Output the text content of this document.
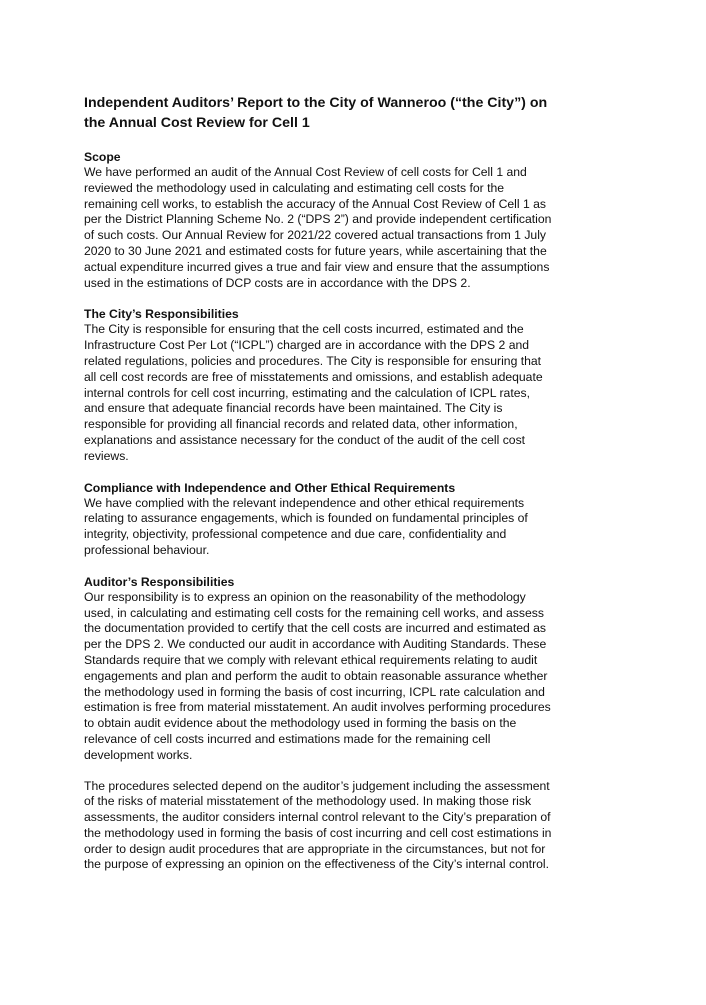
Independent Auditors’ Report to the City of Wanneroo (“the City”) on the Annual Cost Review for Cell 1
Scope

We have performed an audit of the Annual Cost Review of cell costs for Cell 1 and reviewed the methodology used in calculating and estimating cell costs for the remaining cell works, to establish the accuracy of the Annual Cost Review of Cell 1 as per the District Planning Scheme No. 2 (“DPS 2”) and provide independent certification of such costs. Our Annual Review for 2021/22 covered actual transactions from 1 July 2020 to 30 June 2021 and estimated costs for future years, while ascertaining that the actual expenditure incurred gives a true and fair view and ensure that the assumptions used in the estimations of DCP costs are in accordance with the DPS 2.

The City’s Responsibilities

The City is responsible for ensuring that the cell costs incurred, estimated and the Infrastructure Cost Per Lot (“ICPL”) charged are in accordance with the DPS 2 and related regulations, policies and procedures. The City is responsible for ensuring that all cell cost records are free of misstatements and omissions, and establish adequate internal controls for cell cost incurring, estimating and the calculation of ICPL rates, and ensure that adequate financial records have been maintained. The City is responsible for providing all financial records and related data, other information, explanations and assistance necessary for the conduct of the audit of the cell cost reviews.

Compliance with Independence and Other Ethical Requirements

We have complied with the relevant independence and other ethical requirements relating to assurance engagements, which is founded on fundamental principles of integrity, objectivity, professional competence and due care, confidentiality and professional behaviour.

Auditor’s Responsibilities

Our responsibility is to express an opinion on the reasonability of the methodology used, in calculating and estimating cell costs for the remaining cell works, and assess the documentation provided to certify that the cell costs are incurred and estimated as per the DPS 2. We conducted our audit in accordance with Auditing Standards. These Standards require that we comply with relevant ethical requirements relating to audit engagements and plan and perform the audit to obtain reasonable assurance whether the methodology used in forming the basis of cost incurring, ICPL rate calculation and estimation is free from material misstatement. An audit involves performing procedures to obtain audit evidence about the methodology used in forming the basis on the relevance of cell costs incurred and estimations made for the remaining cell development works.

The procedures selected depend on the auditor’s judgement including the assessment of the risks of material misstatement of the methodology used. In making those risk assessments, the auditor considers internal control relevant to the City’s preparation of the methodology used in forming the basis of cost incurring and cell cost estimations in order to design audit procedures that are appropriate in the circumstances, but not for the purpose of expressing an opinion on the effectiveness of the City’s internal control.
